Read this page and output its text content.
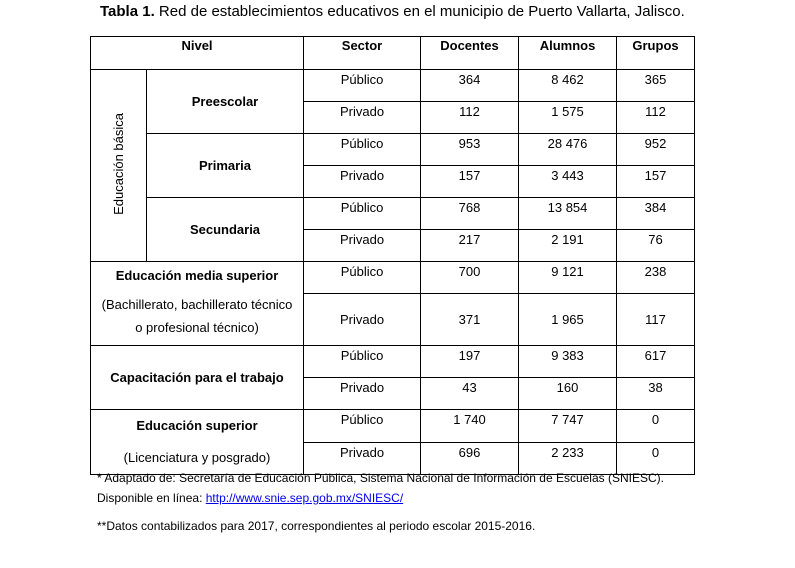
Tabla 1. Red de establecimientos educativos en el municipio de Puerto Vallarta, Jalisco.
Nivel		Sector	Docentes	Alumnos	Grupos
Educación básica	Preescolar	Público	364	8 462	365
		Privado	112	1 575	112
	Primaria	Público	953	28 476	952
		Privado	157	3 443	157
	Secundaria	Público	768	13 854	384
		Privado	217	2 191	76

Educación media superior
(Bachillerato, bachillerato técnico o profesional técnico)		Público	700	9 121	238
		Privado	371	1 965	117
Capacitación para el trabajo		Público	197	9 383	617
		Privado	43	160	38

Educación superior
(Licenciatura y posgrado)		Público	1 740	7 747	0
		Privado	696	2 233	0
* Adaptado de: Secretaría de Educación Pública, Sistema Nacional de Información de Escuelas (SNIESC).
Disponible en línea: http://www.snie.sep.gob.mx/SNIESC/
**Datos contabilizados para 2017, correspondientes al periodo escolar 2015-2016.
